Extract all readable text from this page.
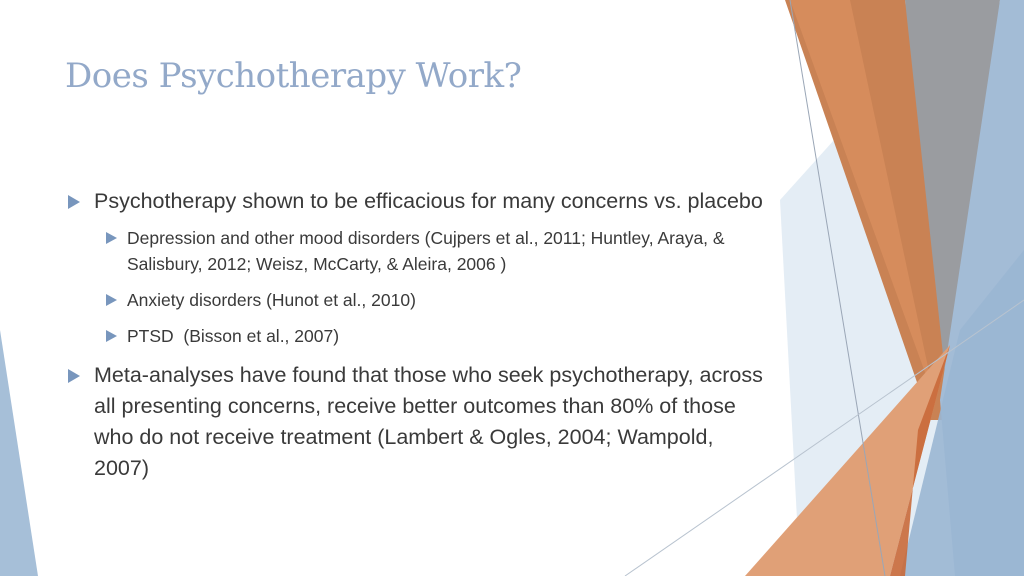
Does Psychotherapy Work?
Psychotherapy shown to be efficacious for many concerns vs. placebo
Depression and other mood disorders (Cujpers et al., 2011; Huntley, Araya, & Salisbury, 2012; Weisz, McCarty, & Aleira, 2006 )
Anxiety disorders (Hunot et al., 2010)
PTSD  (Bisson et al., 2007)
Meta-analyses have found that those who seek psychotherapy, across all presenting concerns, receive better outcomes than 80% of those who do not receive treatment (Lambert & Ogles, 2004; Wampold, 2007)
